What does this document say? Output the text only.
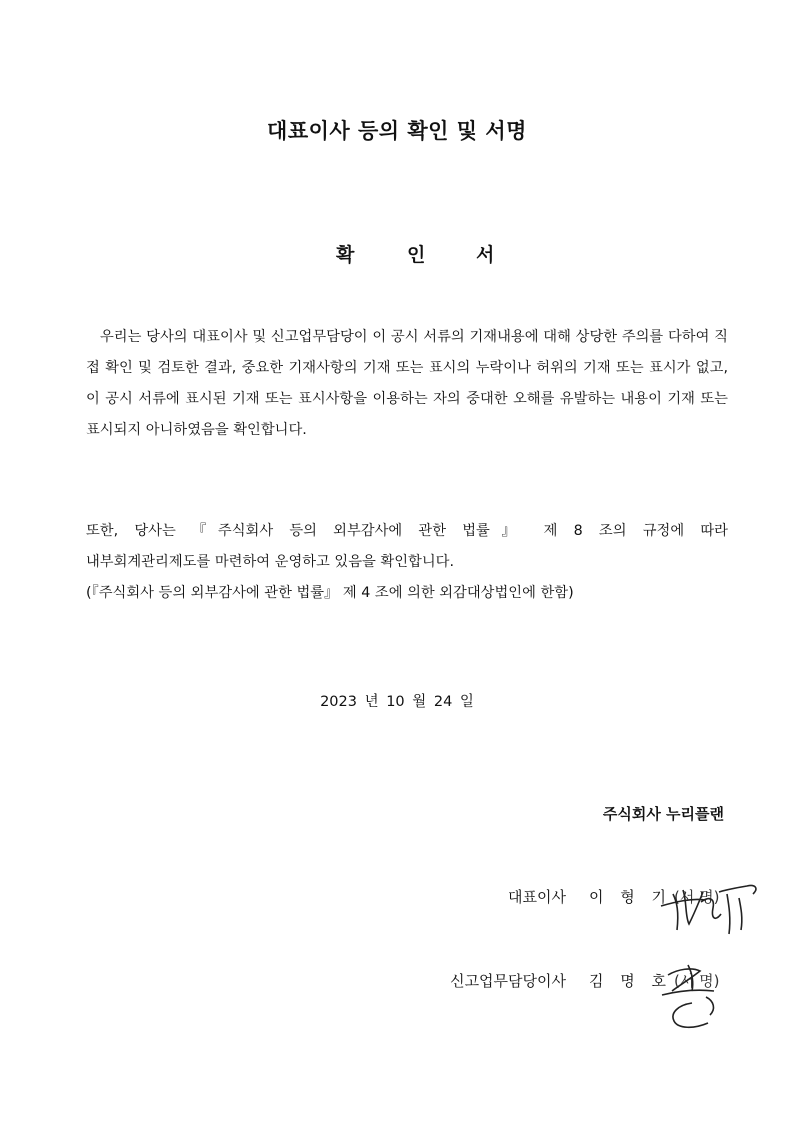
대표이사 등의 확인 및 서명
확	인	서
우리는 당사의 대표이사 및 신고업무담당이 이 공시 서류의 기재내용에 대해 상당한 주의를 다하여 직접 확인 및 검토한 결과, 중요한 기재사항의 기재 또는 표시의 누락이나 허위의 기재 또는 표시가 없고, 이 공시 서류에 표시된 기재 또는 표시사항을 이용하는 자의 중대한 오해를 유발하는 내용이 기재 또는 표시되지 아니하였음을 확인합니다.
또한, 당사는 『주식회사 등의 외부감사에 관한 법률』 제 8 조의 규정에 따라
내부회계관리제도를 마련하여 운영하고 있음을 확인합니다.
(『주식회사 등의 외부감사에 관한 법률』 제 4 조에 의한 외감대상법인에 한함)
2023 년 10 월 24 일
주식회사 누리플랜
대표이사 이 형 기 (서 명)
신고업무담당이사 김 명 호 (서 명)
